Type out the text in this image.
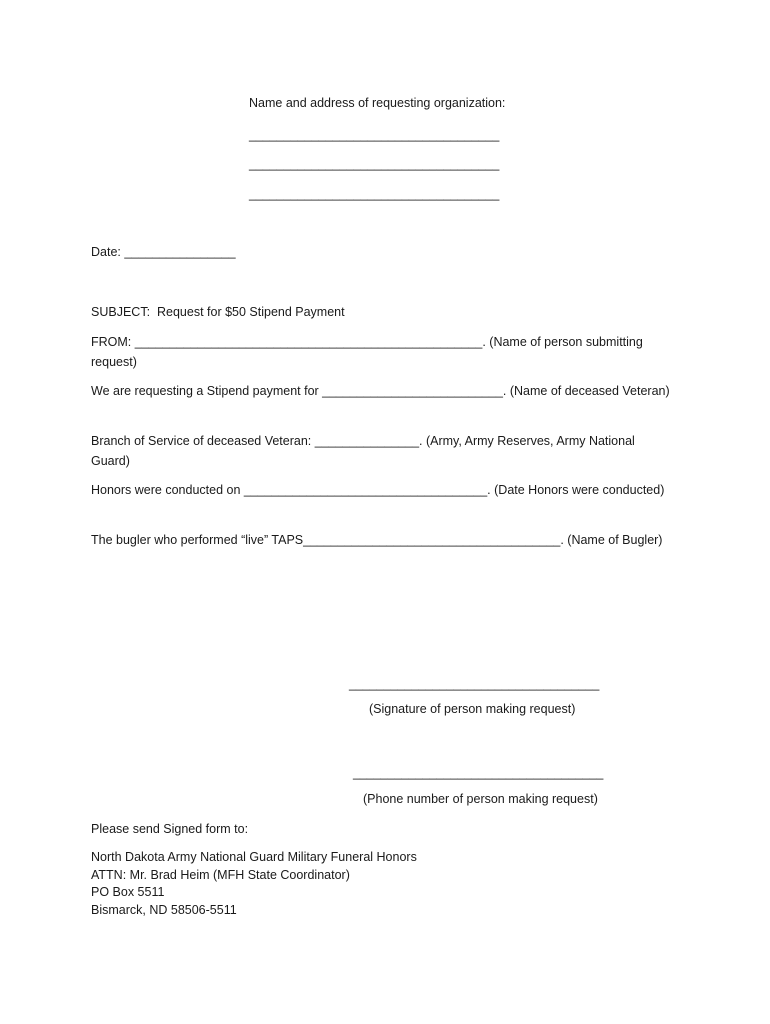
Name and address of requesting organization:
____________________________________
____________________________________
____________________________________
Date: ________________
SUBJECT:  Request for $50 Stipend Payment
FROM: __________________________________________________. (Name of person submitting request)
We are requesting a Stipend payment for __________________________. (Name of deceased Veteran)
Branch of Service of deceased Veteran: _______________. (Army, Army Reserves, Army National Guard)
Honors were conducted on ___________________________________. (Date Honors were conducted)
The bugler who performed “live” TAPS_____________________________________. (Name of Bugler)
____________________________________
(Signature of person making request)
____________________________________
(Phone number of person making request)
Please send Signed form to:
North Dakota Army National Guard Military Funeral Honors
ATTN: Mr. Brad Heim (MFH State Coordinator)
PO Box 5511
Bismarck, ND 58506-5511
